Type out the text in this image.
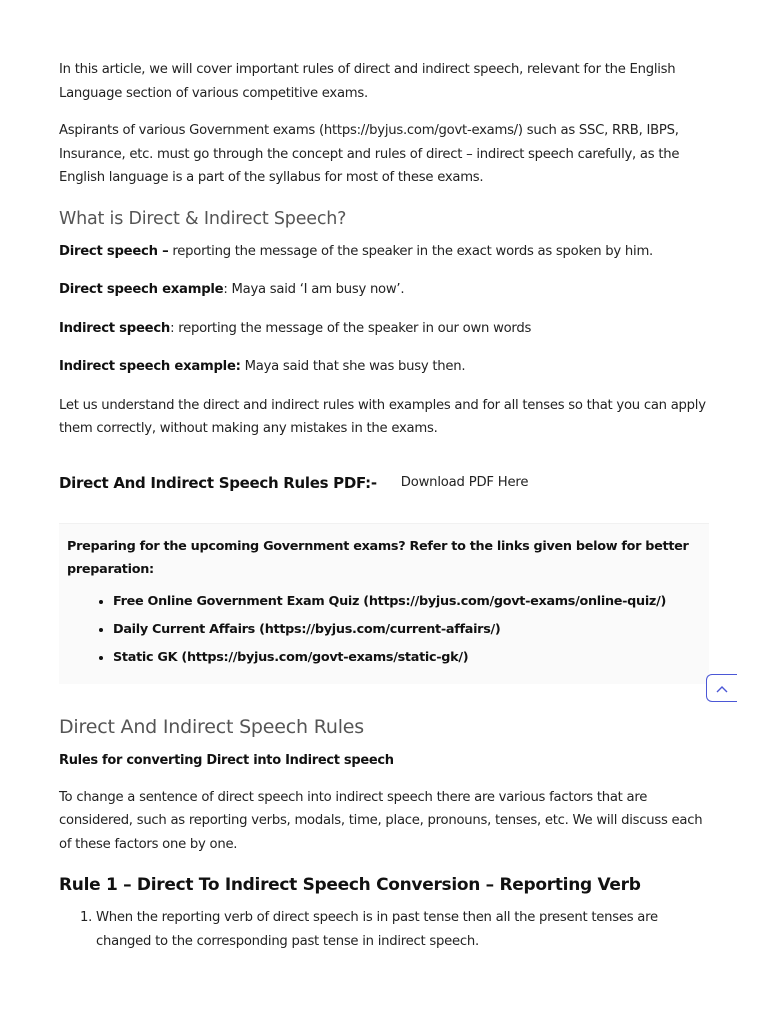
In this article, we will cover important rules of direct and indirect speech, relevant for the English Language section of various competitive exams.

Aspirants of various Government exams (https://byjus.com/govt-exams/) such as SSC, RRB, IBPS, Insurance, etc. must go through the concept and rules of direct – indirect speech carefully, as the English language is a part of the syllabus for most of these exams.

What is Direct & Indirect Speech?

Direct speech – reporting the message of the speaker in the exact words as spoken by him.

Direct speech example: Maya said ‘I am busy now’.

Indirect speech: reporting the message of the speaker in our own words

Indirect speech example: Maya said that she was busy then.

Let us understand the direct and indirect rules with examples and for all tenses so that you can apply them correctly, without making any mistakes in the exams.

Direct And Indirect Speech Rules PDF:- Download PDF Here
Preparing for the upcoming Government exams? Refer to the links given below for better preparation:
• Free Online Government Exam Quiz (https://byjus.com/govt-exams/online-quiz/)
• Daily Current Affairs (https://byjus.com/current-affairs/)
• Static GK (https://byjus.com/govt-exams/static-gk/)
Direct And Indirect Speech Rules
Rules for converting Direct into Indirect speech

To change a sentence of direct speech into indirect speech there are various factors that are considered, such as reporting verbs, modals, time, place, pronouns, tenses, etc. We will discuss each of these factors one by one.

Rule 1 – Direct To Indirect Speech Conversion – Reporting Verb
1. When the reporting verb of direct speech is in past tense then all the present tenses are changed to the corresponding past tense in indirect speech.
